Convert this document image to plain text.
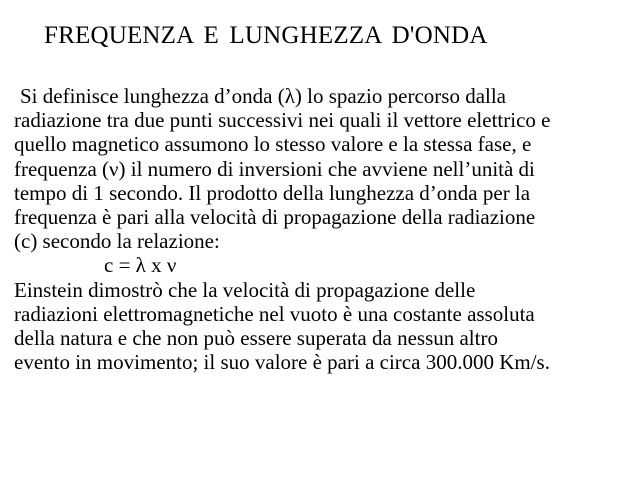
FREQUENZA E LUNGHEZZA D'ONDA
Si definisce lunghezza d’onda (λ) lo spazio percorso dalla
radiazione tra due punti successivi nei quali il vettore elettrico e
quello magnetico assumono lo stesso valore e la stessa fase, e
frequenza (ν) il numero di inversioni che avviene nell’unità di
tempo di 1 secondo. Il prodotto della lunghezza d’onda per la
frequenza è pari alla velocità di propagazione della radiazione
(c) secondo la relazione:
c = λ x ν
Einstein dimostrò che la velocità di propagazione delle
radiazioni elettromagnetiche nel vuoto è una costante assoluta
della natura e che non può essere superata da nessun altro
evento in movimento; il suo valore è pari a circa 300.000 Km/s.
